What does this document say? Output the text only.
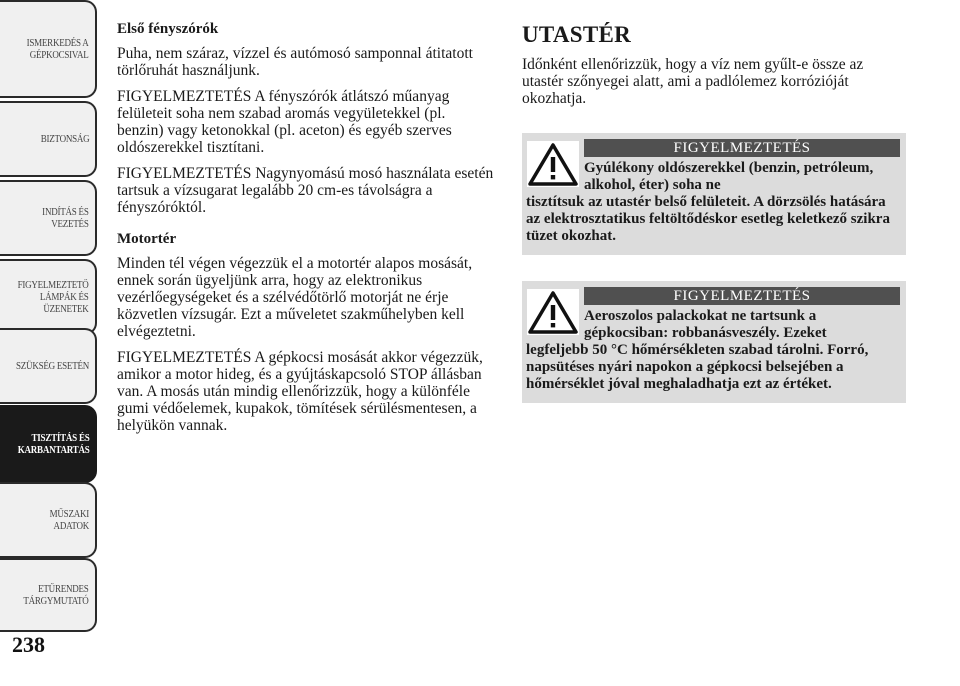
ISMERKEDÉS A
GÉPKOCSIVAL
BIZTONSÁG
INDÍTÁS ÉS
VEZETÉS
FIGYELMEZTETŐ
LÁMPÁK ÉS
ÜZENETEK
SZÜKSÉG ESETÉN
TISZTÍTÁS ÉS
KARBANTARTÁS
MŰSZAKI ADATOK
ETŰRENDES
TÁRGYMUTATÓ
238
Első fényszórók

Puha, nem száraz, vízzel és autómosó samponnal átitatott törlőruhát használjunk.

FIGYELMEZTETÉS A fényszórók átlátszó műanyag felületeit soha nem szabad aromás vegyületekkel (pl. benzin) vagy ketonokkal (pl. aceton) és egyéb szerves oldószerekkel tisztítani.

FIGYELMEZTETÉS Nagynyomású mosó használata esetén tartsuk a vízsugarat legalább 20 cm-es távolságra a fényszóróktól.

Motortér

Minden tél végen végezzük el a motortér alapos mosását, ennek során ügyeljünk arra, hogy az elektronikus vezérlőegységeket és a szélvédőtörlő motorját ne érje közvetlen vízsugár. Ezt a műveletet szakműhelyben kell elvégeztetni.

FIGYELMEZTETÉS A gépkocsi mosását akkor végezzük, amikor a motor hideg, és a gyújtáskapcsoló STOP állásban van. A mosás után mindig ellenőrizzük, hogy a különféle gumi védőelemek, kupakok, tömítések sérülésmentesen, a helyükön vannak.

UTASTÉR

Időnként ellenőrizzük, hogy a víz nem gyűlt-e össze az utastér szőnyegei alatt, ami a padlólemez korrózióját okozhatja.

FIGYELMEZTETÉS
Gyúlékony oldószerekkel (benzin, petróleum, alkohol, éter) soha ne
tisztítsuk az utastér belső felületeit. A dörzsölés hatására az elektrosztatikus feltöltődéskor esetleg keletkező szikra tüzet okozhat.
FIGYELMEZTETÉS
Aeroszolos palackokat ne tartsunk a gépkocsiban: robbanásveszély. Ezeket
legfeljebb 50 °C hőmérsékleten szabad tárolni. Forró, napsütéses nyári napokon a gépkocsi belsejében a hőmérséklet jóval meghaladhatja ezt az értéket.
